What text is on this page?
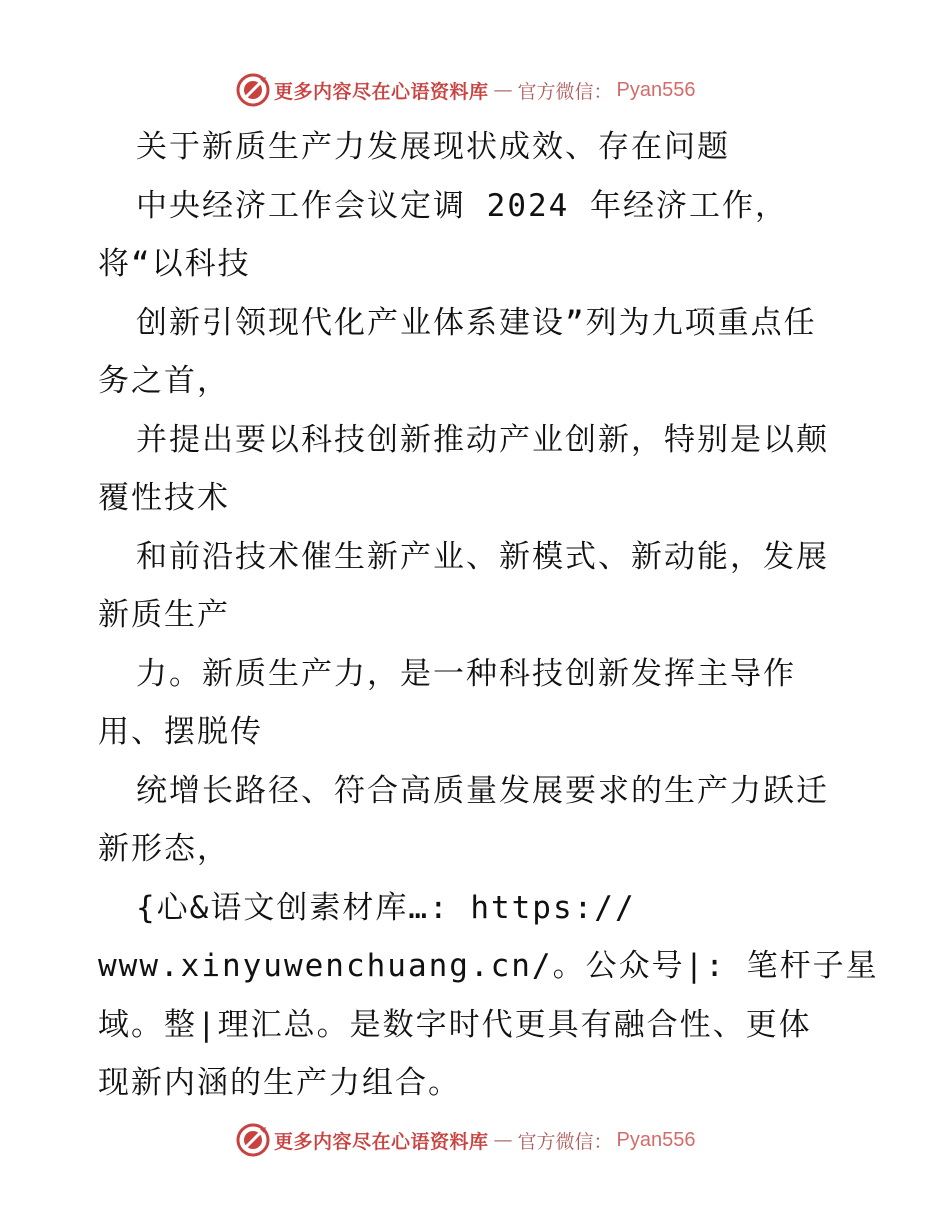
更多内容尽在心语资料库 — 官方微信： Pyan556
关于新质生产力发展现状成效、存在问题
中央经济工作会议定调 2024 年经济工作，
将“以科技
创新引领现代化产业体系建设”列为九项重点任
务之首，
并提出要以科技创新推动产业创新，特别是以颠
覆性技术
和前沿技术催生新产业、新模式、新动能，发展
新质生产
力。新质生产力，是一种科技创新发挥主导作
用、摆脱传
统增长路径、符合高质量发展要求的生产力跃迁
新形态，
{心&语文创素材库…: https://
www.xinyuwenchuang.cn/。公众号|: 笔杆子星
域。整|理汇总。是数字时代更具有融合性、更体
现新内涵的生产力组合。
更多内容尽在心语资料库 — 官方微信： Pyan556
